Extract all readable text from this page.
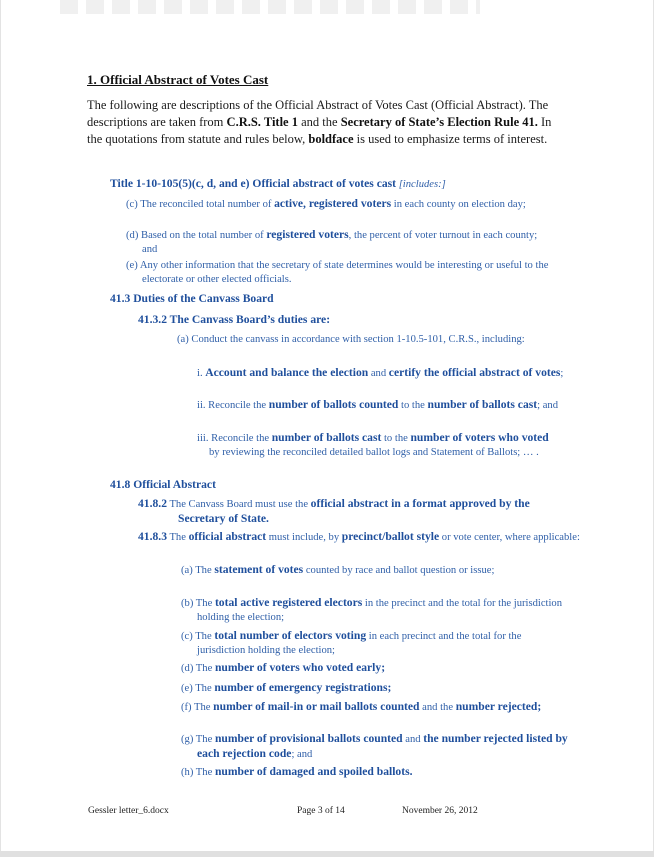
1. Official Abstract of Votes Cast
The following are descriptions of the Official Abstract of Votes Cast (Official Abstract). The descriptions are taken from C.R.S. Title 1 and the Secretary of State’s Election Rule 41. In the quotations from statute and rules below, boldface is used to emphasize terms of interest.
Title 1-10-105(5)(c, d, and e) Official abstract of votes cast [includes:]
(c) The reconciled total number of active, registered voters in each county on election day;
(d) Based on the total number of registered voters, the percent of voter turnout in each county; and
(e) Any other information that the secretary of state determines would be interesting or useful to the electorate or other elected officials.
41.3 Duties of the Canvass Board
41.3.2 The Canvass Board’s duties are:
(a) Conduct the canvass in accordance with section 1-10.5-101, C.R.S., including:
i. Account and balance the election and certify the official abstract of votes;
ii. Reconcile the number of ballots counted to the number of ballots cast; and
iii. Reconcile the number of ballots cast to the number of voters who voted by reviewing the reconciled detailed ballot logs and Statement of Ballots; … .
41.8 Official Abstract
41.8.2 The Canvass Board must use the official abstract in a format approved by the Secretary of State.
41.8.3 The official abstract must include, by precinct/ballot style or vote center, where applicable:
(a) The statement of votes counted by race and ballot question or issue;
(b) The total active registered electors in the precinct and the total for the jurisdiction holding the election;
(c) The total number of electors voting in each precinct and the total for the jurisdiction holding the election;
(d) The number of voters who voted early;
(e) The number of emergency registrations;
(f) The number of mail-in or mail ballots counted and the number rejected;
(g) The number of provisional ballots counted and the number rejected listed by each rejection code; and
(h) The number of damaged and spoiled ballots.
Gessler letter_6.docx	Page 3 of 14	November 26, 2012
